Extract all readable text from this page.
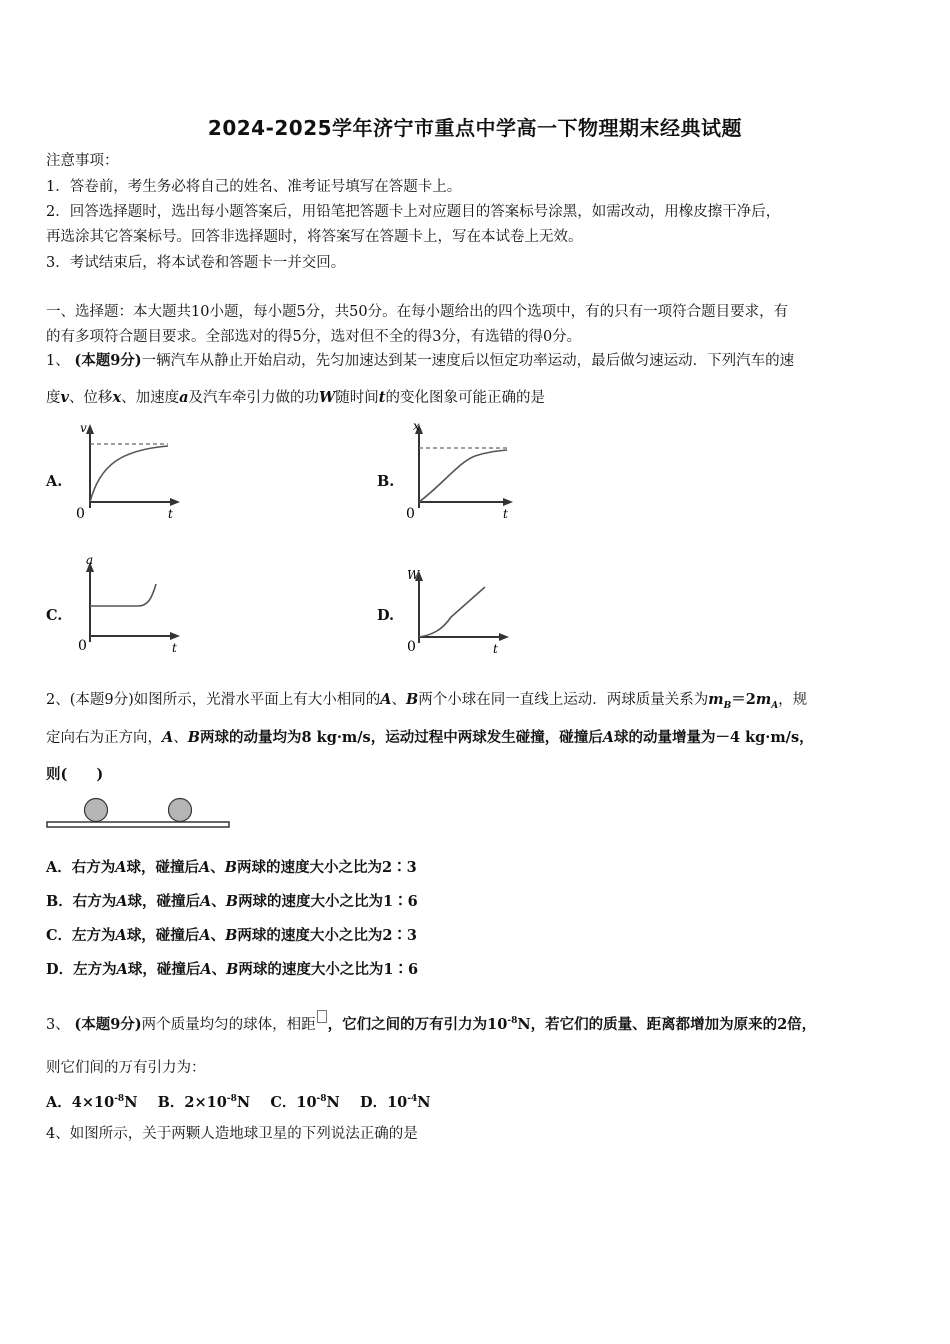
2024-2025学年济宁市重点中学高一下物理期末经典试题
注意事项：
1．答卷前，考生务必将自己的姓名、准考证号填写在答题卡上。
2．回答选择题时，选出每小题答案后，用铅笔把答题卡上对应题目的答案标号涂黑，如需改动，用橡皮擦干净后，
再选涂其它答案标号。回答非选择题时，将答案写在答题卡上，写在本试卷上无效。
3．考试结束后，将本试卷和答题卡一并交回。
一、选择题：本大题共10小题，每小题5分，共50分。在每小题给出的四个选项中，有的只有一项符合题目要求，有
的有多项符合题目要求。全部选对的得5分，选对但不全的得3分，有选错的得0分。
1、 (本题9分)一辆汽车从静止开始启动，先匀加速达到某一速度后以恒定功率运动，最后做匀速运动．下列汽车的速
度v、位移x、加速度a及汽车牵引力做的功W随时间t的变化图象可能正确的是
A.
v
t
0
B.
x
t
0
C.
a
t
0
D.
W
t
0
2、(本题9分)如图所示，光滑水平面上有大小相同的A、B两个小球在同一直线上运动．两球质量关系为$m_B=2m_A$，规
定向右为正方向，A、B两球的动量均为8 kg·m/s，运动过程中两球发生碰撞，碰撞后A球的动量增量为－4 kg·m/s，
则(　　)
A．右方为A球，碰撞后A、B两球的速度大小之比为2∶3
B．右方为A球，碰撞后A、B两球的速度大小之比为1∶6
C．左方为A球，碰撞后A、B两球的速度大小之比为2∶3
D．左方为A球，碰撞后A、B两球的速度大小之比为1∶6
3、 (本题9分)两个质量均匀的球体，相距 ，它们之间的万有引力为$10^{-8}N$，若它们的质量、距离都增加为原来的2倍，
则它们间的万有引力为：
A．$4\times 10^{-8}N$ B．$2\times 10^{-8}N$ C．$10^{-8}N$ D．$10^{-4}N$
4、如图所示，关于两颗人造地球卫星的下列说法正确的是
